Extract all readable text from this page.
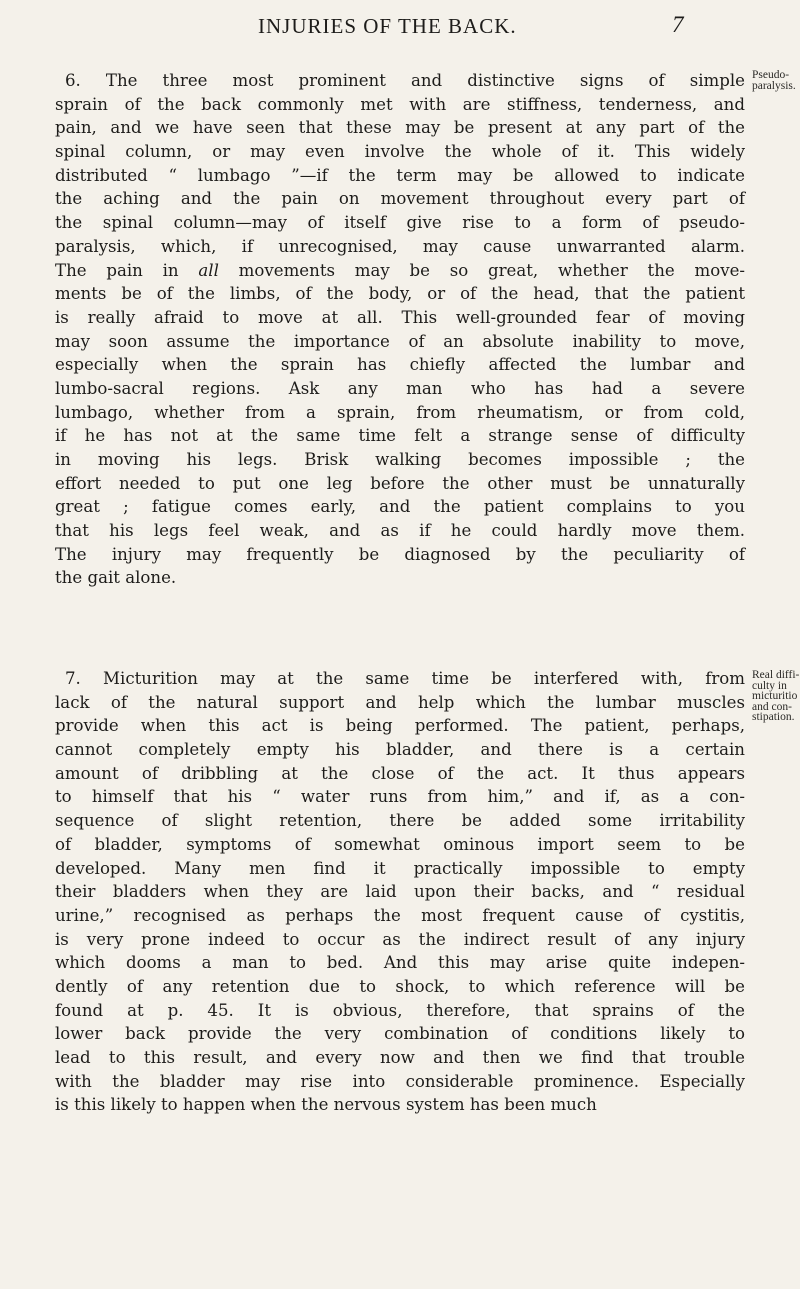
INJURIES OF THE BACK.	7
6. The three most prominent and distinctive signs of simple
sprain of the back commonly met with are stiffness, tenderness, and
pain, and we have seen that these may be present at any part of the
spinal column, or may even involve the whole of it. This widely
distributed “ lumbago ”—if the term may be allowed to indicate
the aching and the pain on movement throughout every part of
the spinal column—may of itself give rise to a form of pseudo-
paralysis, which, if unrecognised, may cause unwarranted alarm.
The pain in all movements may be so great, whether the move-
ments be of the limbs, of the body, or of the head, that the patient
is really afraid to move at all. This well-grounded fear of moving
may soon assume the importance of an absolute inability to move,
especially when the sprain has chiefly affected the lumbar and
lumbo-sacral regions. Ask any man who has had a severe
lumbago, whether from a sprain, from rheumatism, or from cold,
if he has not at the same time felt a strange sense of difficulty
in moving his legs. Brisk walking becomes impossible ; the
effort needed to put one leg before the other must be unnaturally
great ; fatigue comes early, and the patient complains to you
that his legs feel weak, and as if he could hardly move them.
The injury may frequently be diagnosed by the peculiarity of
the gait alone.
7. Micturition may at the same time be interfered with, from
lack of the natural support and help which the lumbar muscles
provide when this act is being performed. The patient, perhaps,
cannot completely empty his bladder, and there is a certain
amount of dribbling at the close of the act. It thus appears
to himself that his “ water runs from him,” and if, as a con-
sequence of slight retention, there be added some irritability
of bladder, symptoms of somewhat ominous import seem to be
developed. Many men find it practically impossible to empty
their bladders when they are laid upon their backs, and “ residual
urine,” recognised as perhaps the most frequent cause of cystitis,
is very prone indeed to occur as the indirect result of any injury
which dooms a man to bed. And this may arise quite indepen-
dently of any retention due to shock, to which reference will be
found at p. 45. It is obvious, therefore, that sprains of the
lower back provide the very combination of conditions likely to
lead to this result, and every now and then we find that trouble
with the bladder may rise into considerable prominence. Especially
is this likely to happen when the nervous system has been much
Pseudo-
paralysis.
Real diffi-
culty in
micturitio
and con-
stipation.
